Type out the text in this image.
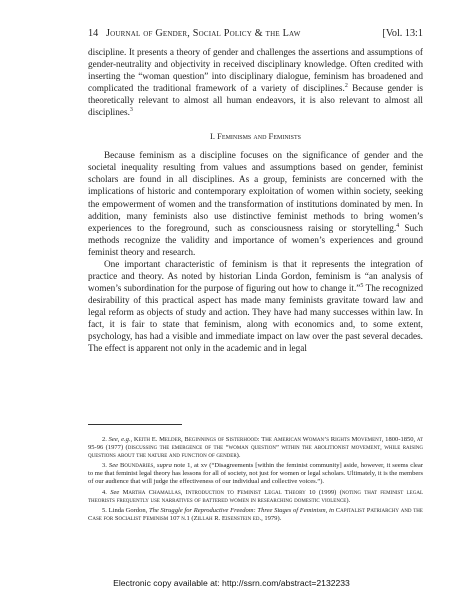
14 Journal of Gender, Social Policy & the Law	[Vol. 13:1

discipline. It presents a theory of gender and challenges the assertions and assumptions of gender-neutrality and objectivity in received disciplinary knowledge. Often credited with inserting the “woman question” into disciplinary dialogue, feminism has broadened and complicated the traditional framework of a variety of disciplines.$^2$ Because gender is theoretically relevant to almost all human endeavors, it is also relevant to almost all disciplines.$^3$

I. Feminisms and Feminists

Because feminism as a discipline focuses on the significance of gender and the societal inequality resulting from values and assumptions based on gender, feminist scholars are found in all disciplines. As a group, feminists are concerned with the implications of historic and contemporary exploitation of women within society, seeking the empowerment of women and the transformation of institutions dominated by men. In addition, many feminists also use distinctive feminist methods to bring women’s experiences to the foreground, such as consciousness raising or storytelling.$^4$ Such methods recognize the validity and importance of women’s experiences and ground feminist theory and research.

One important characteristic of feminism is that it represents the integration of practice and theory. As noted by historian Linda Gordon, feminism is “an analysis of women’s subordination for the purpose of figuring out how to change it.”$^5$ The recognized desirability of this practical aspect has made many feminists gravitate toward law and legal reform as objects of study and action. They have had many successes within law. In fact, it is fair to state that feminism, along with economics and, to some extent, psychology, has had a visible and immediate impact on law over the past several decades. The effect is apparent not only in the academic and in legal

2. See, e.g., Keith E. Melder, Beginnings of Sisterhood: The American Woman’s Rights Movement, 1800-1850, at 95-96 (1977) (discussing the emergence of the “woman question” within the abolitionist movement, while raising questions about the nature and function of gender).

3. See Boundaries, supra note 1, at xv (“Disagreements [within the feminist community] aside, however, it seems clear to me that feminist legal theory has lessons for all of society, not just for women or legal scholars. Ultimately, it is the members of our audience that will judge the effectiveness of our individual and collective voices.”).

4. See Martha Chamallas, Introduction to Feminist Legal Theory 10 (1999) (noting that feminist legal theorists frequently use narratives of battered women in researching domestic violence).

5. Linda Gordon, The Struggle for Reproductive Freedom: Three Stages of Feminism, in Capitalist Patriarchy and the Case for Socialist Feminism 107 n.1 (Zillah R. Eisenstein ed., 1979).

Electronic copy available at: http://ssrn.com/abstract=2132233
